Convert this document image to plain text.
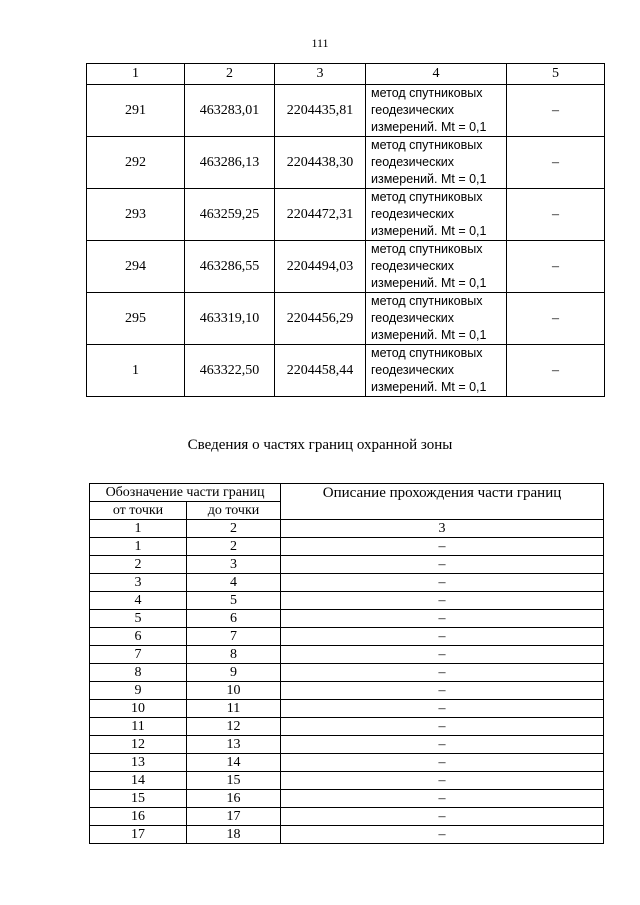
111
1	2	3	4	5
291	463283,01	2204435,81	метод спутниковых
геодезических
измерений. Mt = 0,1	–
292	463286,13	2204438,30	метод спутниковых
геодезических
измерений. Mt = 0,1	–
293	463259,25	2204472,31	метод спутниковых
геодезических
измерений. Mt = 0,1	–
294	463286,55	2204494,03	метод спутниковых
геодезических
измерений. Mt = 0,1	–
295	463319,10	2204456,29	метод спутниковых
геодезических
измерений. Mt = 0,1	–
1	463322,50	2204458,44	метод спутниковых
геодезических
измерений. Mt = 0,1	–
Сведения о частях границ охранной зоны
Обозначение части границ		Описание прохождения части границ
от точки	до точки	
1	2	3
1	2	–
2	3	–
3	4	–
4	5	–
5	6	–
6	7	–
7	8	–
8	9	–
9	10	–
10	11	–
11	12	–
12	13	–
13	14	–
14	15	–
15	16	–
16	17	–
17	18	–
